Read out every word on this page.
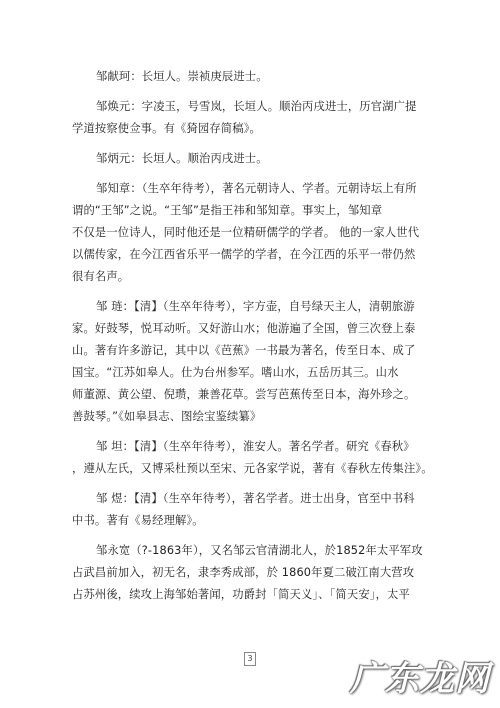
邹献珂：长垣人。崇祯庚辰进士。

邹焕元：字凌玉，号雪岚，长垣人。顺治丙戌进士，历官湖广提
学道按察使佥事。有《猗园存简稿》。

邹炳元：长垣人。顺治丙戌进士。

邹知章：（生卒年待考），著名元朝诗人、学者。元朝诗坛上有所
谓的“王邹”之说。“王邹”是指王祎和邹知章。事实上，邹知章
不仅是一位诗人，同时他还是一位精研儒学的学者。 他的一家人世代
以儒传家，在今江西省乐平一儒学的学者，在今江西的乐平一带仍然
很有名声。

邹 琏：【清】（生卒年待考），字方壶，自号绿天主人，清朝旅游
家。好鼓琴，悦耳动听。又好游山水；他游遍了全国，曾三次登上泰
山。著有许多游记，其中以《芭蕉》一书最为著名，传至日本、成了
国宝。“江苏如皋人。仕为台州参军。嗜山水，五岳历其三。山水
师董源、黄公望、倪瓒，兼善花草。尝写芭蕉传至日本，海外珍之。
善鼓琴。”《如皋县志、图绘宝鉴续纂》

邹 坦：【清】（生卒年待考），淮安人。著名学者。研究《春秋》
，遵从左氏，又博采杜预以至宋、元各家学说，著有《春秋左传集注》。

邹 煜：【清】（生卒年待考），著名学者。进士出身，官至中书科
中书。著有《易经理解》。

邹永宽（?-1863年），又名邹云官清湖北人，於1852年太平军攻
占武昌前加入，初无名，隶李秀成部，於 1860年夏二破江南大营攻
占苏州後，续攻上海邹始著闻，功爵封「简天义」、「简天安」，太平

3
广东龙网
